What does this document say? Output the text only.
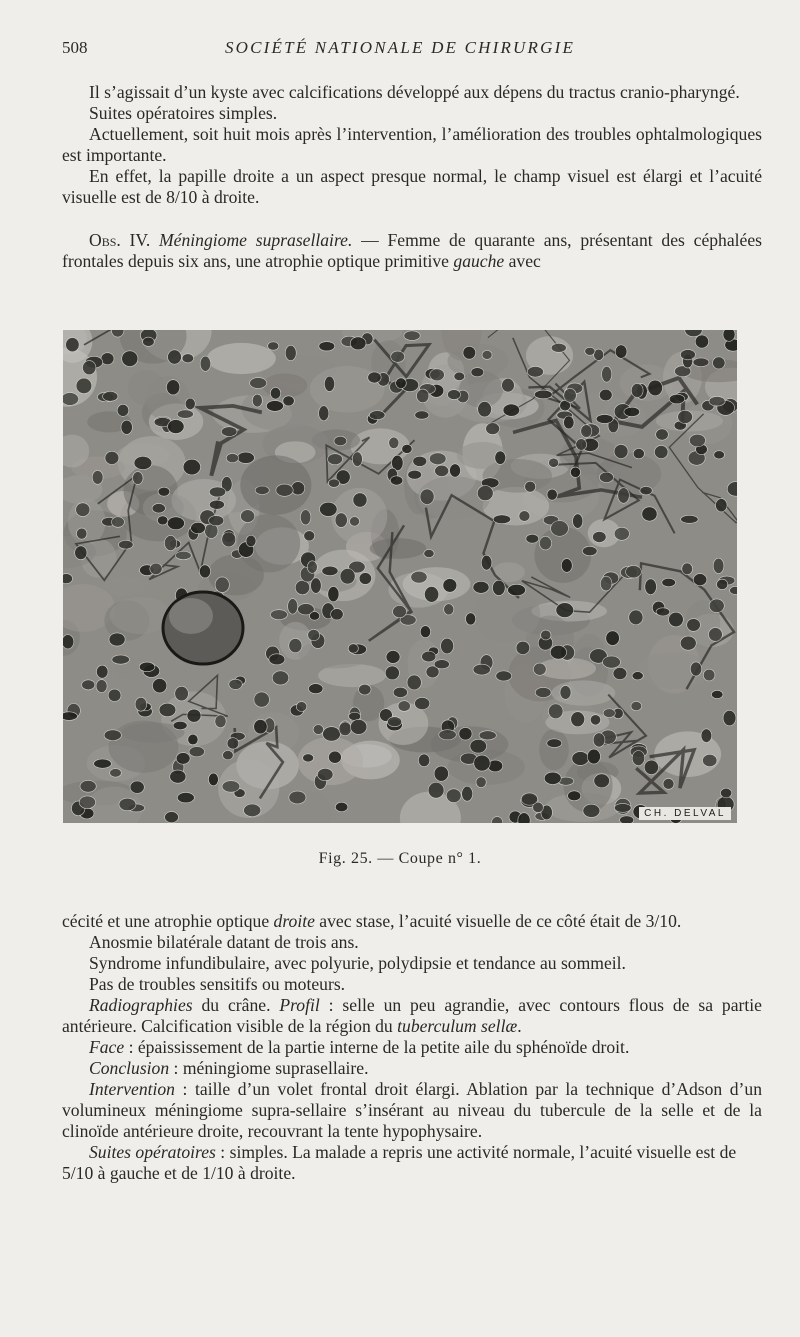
508	SOCIÉTÉ NATIONALE DE CHIRURGIE

Il s’agissait d’un kyste avec calcifications développé aux dépens du tractus cranio-pharyngé.

Suites opératoires simples.

Actuellement, soit huit mois après l’intervention, l’amélioration des troubles ophtalmologiques est importante.

En effet, la papille droite a un aspect presque normal, le champ visuel est élargi et l’acuité visuelle est de 8/10 à droite.

Obs. IV. Méningiome suprasellaire. — Femme de quarante ans, présentant des céphalées frontales depuis six ans, une atrophie optique primitive gauche avec

CH. DELVAL
Fig. 25. — Coupe n° 1.

cécité et une atrophie optique droite avec stase, l’acuité visuelle de ce côté était de 3/10.

Anosmie bilatérale datant de trois ans.

Syndrome infundibulaire, avec polyurie, polydipsie et tendance au sommeil.

Pas de troubles sensitifs ou moteurs.

Radiographies du crâne. Profil : selle un peu agrandie, avec contours flous de sa partie antérieure. Calcification visible de la région du tuberculum sellæ.

Face : épaississement de la partie interne de la petite aile du sphénoïde droit.

Conclusion : méningiome suprasellaire.

Intervention : taille d’un volet frontal droit élargi. Ablation par la technique d’Adson d’un volumineux méningiome supra-sellaire s’insérant au niveau du tubercule de la selle et de la clinoïde antérieure droite, recouvrant la tente hypophysaire.

Suites opératoires : simples. La malade a repris une activité normale, l’acuité visuelle est de 5/10 à gauche et de 1/10 à droite.
